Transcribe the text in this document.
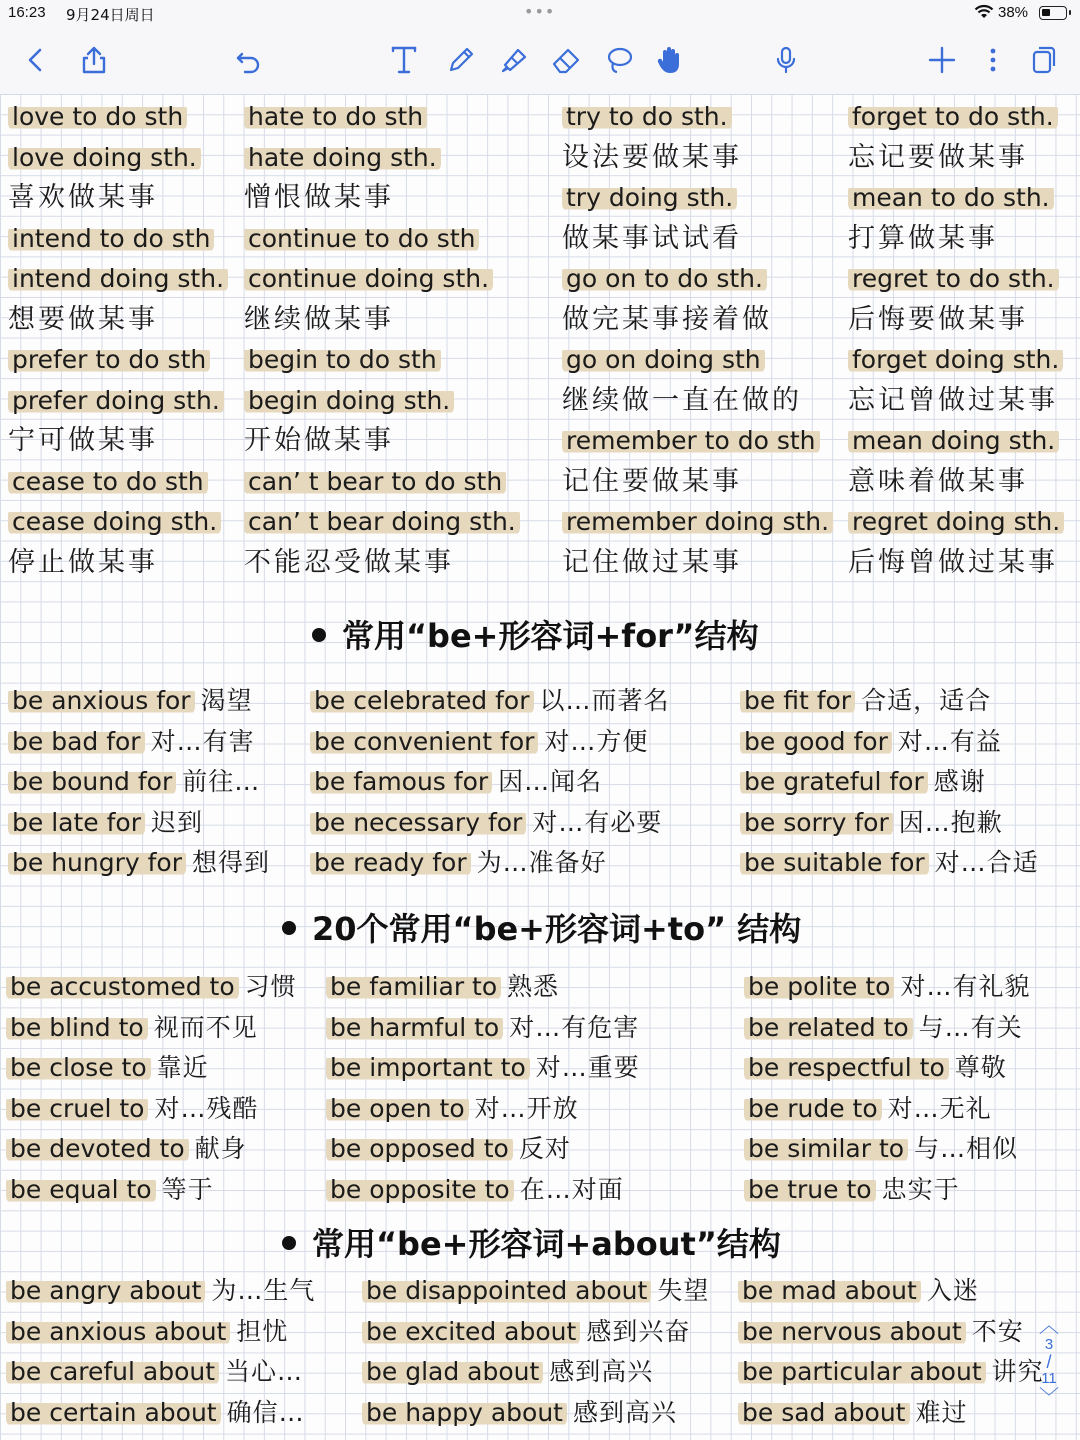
16:23 9月24日周日	•••	38%
常用“be+形容词+for”结构
20个常用“be+形容词+to” 结构
常用“be+形容词+about”结构
︿
3
/
11
﹀
love to do sth
love doing sth.
喜欢做某事
intend to do sth
intend doing sth.
想要做某事
prefer to do sth
prefer doing sth.
宁可做某事
cease to do sth
cease doing sth.
停止做某事
hate to do sth
hate doing sth.
憎恨做某事
continue to do sth
continue doing sth.
继续做某事
begin to do sth
begin doing sth.
开始做某事
can’ t bear to do sth
can’ t bear doing sth.
不能忍受做某事
try to do sth.
设法要做某事
try doing sth.
做某事试试看
go on to do sth.
做完某事接着做
go on doing sth
继续做一直在做的
remember to do sth
记住要做某事
remember doing sth.
记住做过某事
forget to do sth.
忘记要做某事
mean to do sth.
打算做某事
regret to do sth.
后悔要做某事
forget doing sth.
忘记曾做过某事
mean doing sth.
意味着做某事
regret doing sth.
后悔曾做过某事
be anxious for 渴望
be bad for 对…有害
be bound for 前往…
be late for 迟到
be hungry for 想得到
be celebrated for 以…而著名
be convenient for 对…方便
be famous for 因…闻名
be necessary for 对…有必要
be ready for 为…准备好
be fit for 合适，适合
be good for 对…有益
be grateful for 感谢
be sorry for 因…抱歉
be suitable for 对…合适
be accustomed to 习惯
be blind to 视而不见
be close to 靠近
be cruel to 对…残酷
be devoted to 献身
be equal to 等于
be familiar to 熟悉
be harmful to 对…有危害
be important to 对…重要
be open to 对…开放
be opposed to 反对
be opposite to 在…对面
be polite to 对…有礼貌
be related to 与…有关
be respectful to 尊敬
be rude to 对…无礼
be similar to 与…相似
be true to 忠实于
be angry about 为…生气
be anxious about 担忧
be careful about 当心…
be certain about 确信…
be disappointed about 失望
be excited about 感到兴奋
be glad about 感到高兴
be happy about 感到高兴
be mad about 入迷
be nervous about 不安
be particular about 讲究
be sad about 难过
